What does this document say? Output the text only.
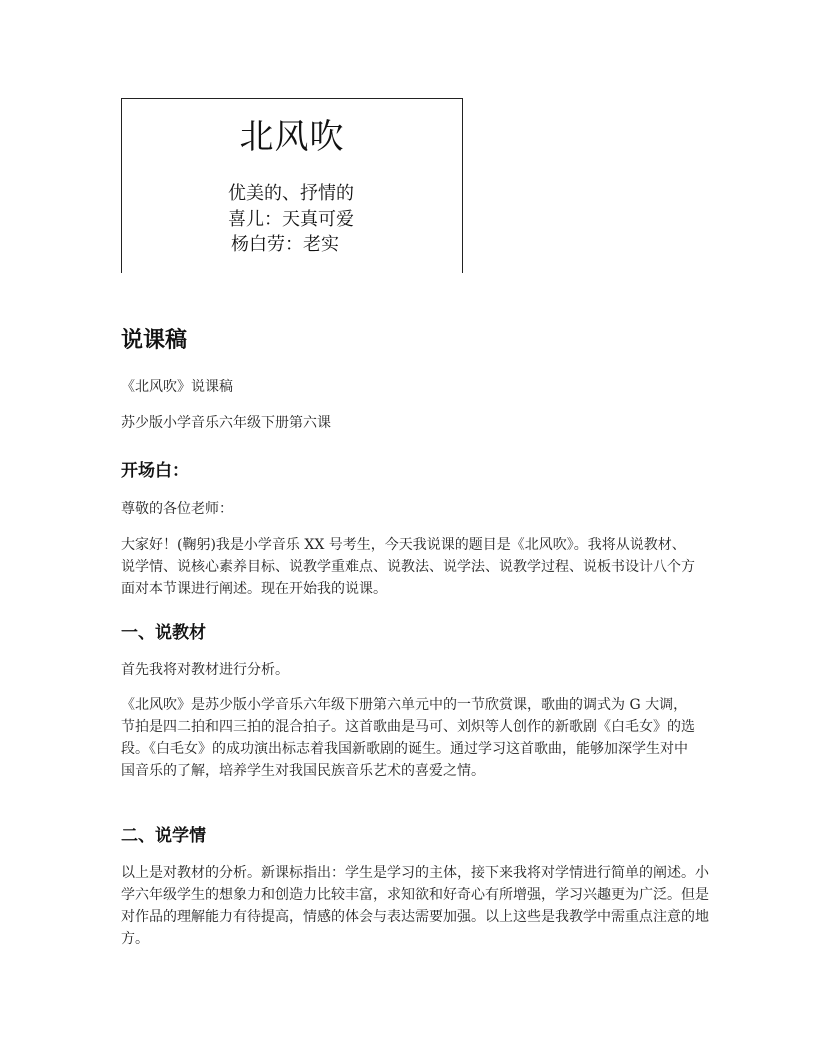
北风吹
优美的、抒情的
喜儿：天真可爱
杨白劳：老实
说课稿
《北风吹》说课稿
苏少版小学音乐六年级下册第六课
开场白：
尊敬的各位老师：
大家好！(鞠躬)我是小学音乐 XX 号考生，今天我说课的题目是《北风吹》。我将从说教材、说学情、说核心素养目标、说教学重难点、说教法、说学法、说教学过程、说板书设计八个方面对本节课进行阐述。现在开始我的说课。
一、说教材
首先我将对教材进行分析。
《北风吹》是苏少版小学音乐六年级下册第六单元中的一节欣赏课，歌曲的调式为 G 大调，节拍是四二拍和四三拍的混合拍子。这首歌曲是马可、刘炽等人创作的新歌剧《白毛女》的选段。《白毛女》的成功演出标志着我国新歌剧的诞生。通过学习这首歌曲，能够加深学生对中国音乐的了解，培养学生对我国民族音乐艺术的喜爱之情。
二、说学情
以上是对教材的分析。新课标指出：学生是学习的主体，接下来我将对学情进行简单的阐述。小学六年级学生的想象力和创造力比较丰富，求知欲和好奇心有所增强，学习兴趣更为广泛。但是对作品的理解能力有待提高，情感的体会与表达需要加强。以上这些是我教学中需重点注意的地方。
